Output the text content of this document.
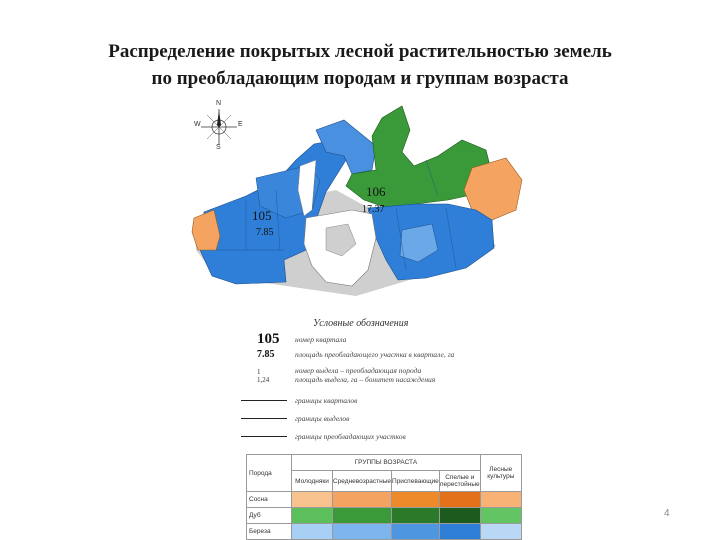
Распределение покрытых лесной растительностью земель
по преобладающим породам и группам возраста
N
S
W	E
105
7.85
106
17.37
Условные обозначения
105 номер квартала
7.85	площадь преобладающего участка в квартале, га
1
1,24
номер выдела – преобладающая порода
площадь выдела, га – бонитет насаждения
границы кварталов
границы выделов
границы преобладающих участков
Порода	ГРУППЫ ВОЗРАСТА				Лесные культуры
	Молодняки	Средневозрастные	Приспевающие	Спелые и перестойные	
Сосна					
Дуб					
Береза					
4
